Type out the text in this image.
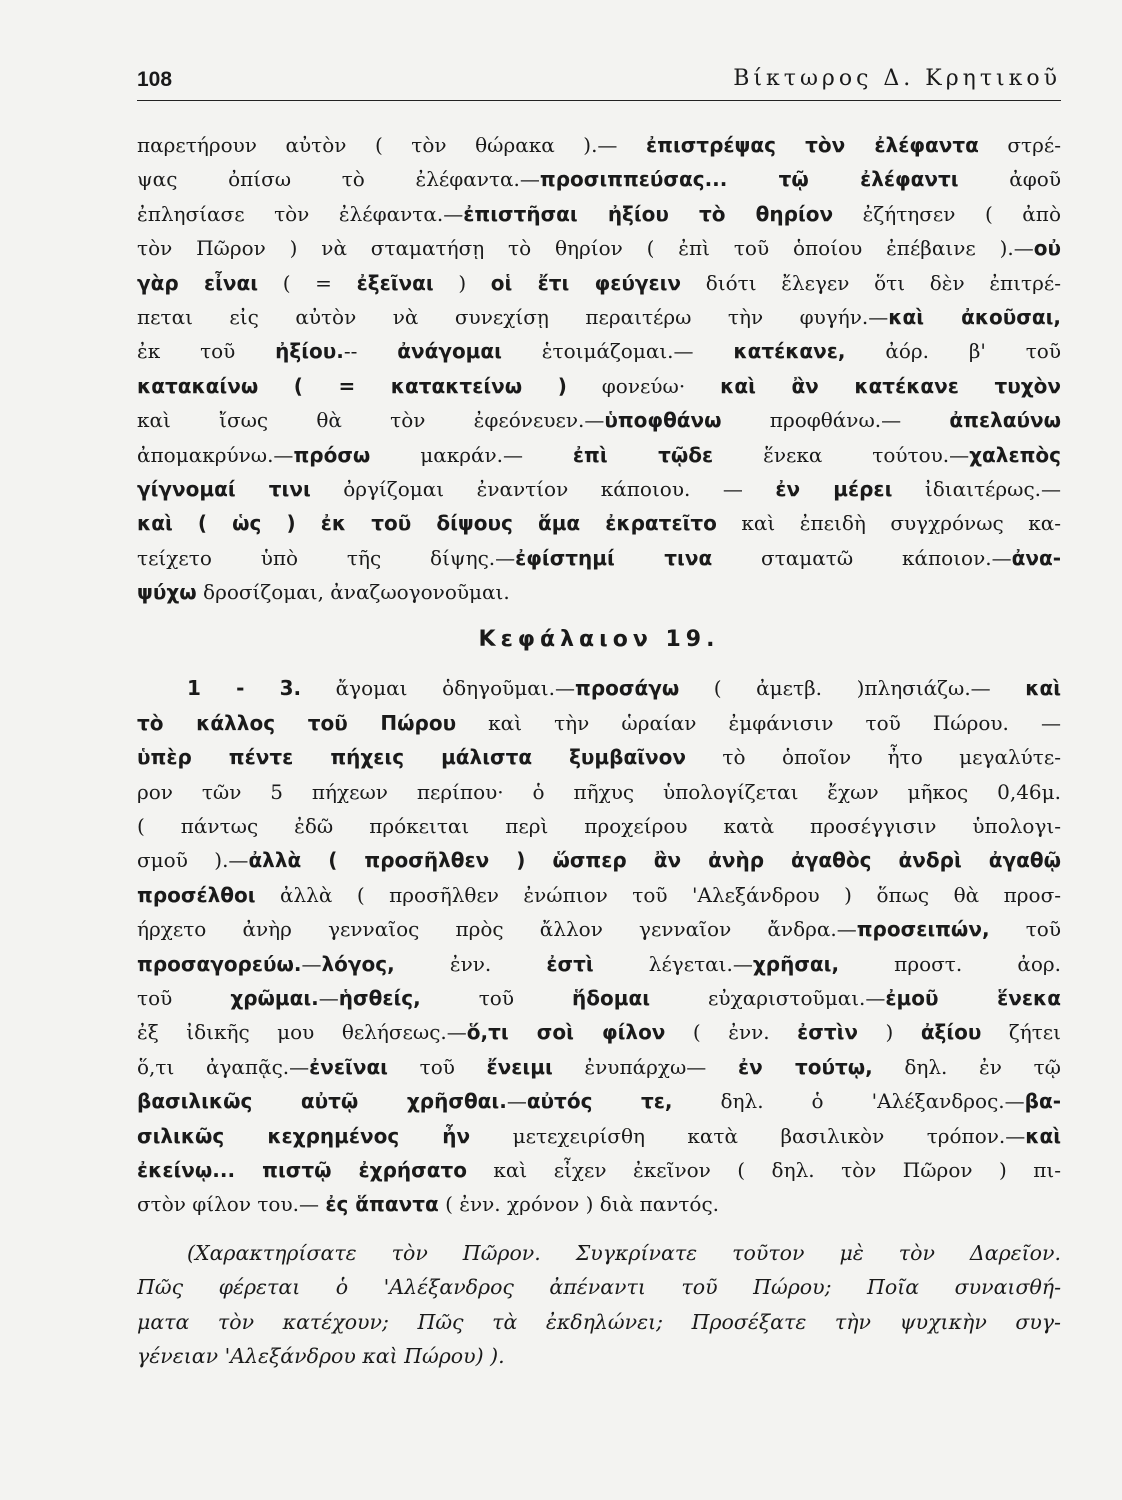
108	Βίκτωρος Δ. Κρητικοῦ
παρετήρουν αὐτὸν ( τὸν θώρακα ).— ἐπιστρέψας τὸν ἐλέφαντα στρέ-
ψας ὀπίσω τὸ ἐλέφαντα.—προσιππεύσας... τῷ ἐλέφαντι ἀφοῦ
ἐπλησίασε τὸν ἐλέφαντα.—ἐπιστῆσαι ἠξίου τὸ θηρίον ἐζήτησεν ( ἀπὸ
τὸν Πῶρον ) νὰ σταματήσῃ τὸ θηρίον ( ἐπὶ τοῦ ὁποίου ἐπέβαινε ).—οὐ
γὰρ εἶναι ( = ἐξεῖναι ) οἱ ἔτι φεύγειν διότι ἔλεγεν ὅτι δὲν ἐπιτρέ-
πεται εἰς αὐτὸν νὰ συνεχίσῃ περαιτέρω τὴν φυγήν.—καὶ ἀκοῦσαι,
ἐκ τοῦ ἠξίου.-- ἀνάγομαι ἑτοιμάζομαι.— κατέκανε, ἀόρ. β' τοῦ
κατακαίνω ( = κατακτείνω ) φονεύω· καὶ ἂν κατέκανε τυχὸν
καὶ ἴσως θὰ τὸν ἐφεόνευεν.—ὑποφθάνω προφθάνω.— ἀπελαύνω
ἀπομακρύνω.—πρόσω μακράν.— ἐπὶ τῷδε ἕνεκα τούτου.—χαλεπὸς
γίγνομαί τινι ὀργίζομαι ἐναντίον κάποιου. — ἐν μέρει ἰδιαιτέρως.—
καὶ ( ὡς ) ἐκ τοῦ δίψους ἅμα ἐκρατεῖτο καὶ ἐπειδὴ συγχρόνως κα-
τείχετο ὑπὸ τῆς δίψης.—ἐφίστημί τινα σταματῶ κάποιον.—ἀνα-
ψύχω δροσίζομαι, ἀναζωογονοῦμαι.
Κεφάλαιον 19.
1 - 3. ἄγομαι ὁδηγοῦμαι.—προσάγω ( ἀμετβ. )πλησιάζω.— καὶ
τὸ κάλλος τοῦ Πώρου καὶ τὴν ὡραίαν ἐμφάνισιν τοῦ Πώρου. —
ὑπὲρ πέντε πήχεις μάλιστα ξυμβαῖνον τὸ ὁποῖον ἦτο μεγαλύτε-
ρον τῶν 5 πήχεων περίπου· ὁ πῆχυς ὑπολογίζεται ἔχων μῆκος 0,46μ.
( πάντως ἐδῶ πρόκειται περὶ προχείρου κατὰ προσέγγισιν ὑπολογι-
σμοῦ ).—ἀλλὰ ( προσῆλθεν ) ὥσπερ ἂν ἀνὴρ ἀγαθὸς ἀνδρὶ ἀγαθῷ
προσέλθοι ἀλλὰ ( προσῆλθεν ἐνώπιον τοῦ 'Αλεξάνδρου ) ὅπως θὰ προσ-
ήρχετο ἀνὴρ γενναῖος πρὸς ἄλλον γενναῖον ἄνδρα.—προσειπών, τοῦ
προσαγορεύω.—λόγος, ἐνν. ἐστὶ λέγεται.—χρῆσαι, προστ. ἀορ.
τοῦ χρῶμαι.—ἡσθείς, τοῦ ἥδομαι εὐχαριστοῦμαι.—ἐμοῦ ἕνεκα
ἐξ ἰδικῆς μου θελήσεως.—ὅ,τι σοὶ φίλον ( ἐνν. ἐστὶν ) ἀξίου ζήτει
ὅ,τι ἀγαπᾷς.—ἐνεῖναι τοῦ ἔνειμι ἐνυπάρχω— ἐν τούτῳ, δηλ. ἐν τῷ
βασιλικῶς αὐτῷ χρῆσθαι.—αὐτός τε, δηλ. ὁ 'Αλέξανδρος.—βα-
σιλικῶς κεχρημένος ἦν μετεχειρίσθη κατὰ βασιλικὸν τρόπον.—καὶ
ἐκείνῳ... πιστῷ ἐχρήσατο καὶ εἶχεν ἐκεῖνον ( δηλ. τὸν Πῶρον ) πι-
στὸν φίλον του.— ἐς ἅπαντα ( ἐνν. χρόνον ) διὰ παντός.
(Χαρακτηρίσατε τὸν Πῶρον. Συγκρίνατε τοῦτον μὲ τὸν Δαρεῖον.
Πῶς φέρεται ὁ 'Αλέξανδρος ἀπέναντι τοῦ Πώρου; Ποῖα συναισθή-
ματα τὸν κατέχουν; Πῶς τὰ ἐκδηλώνει; Προσέξατε τὴν ψυχικὴν συγ-
γένειαν 'Αλεξάνδρου καὶ Πώρου) ).
